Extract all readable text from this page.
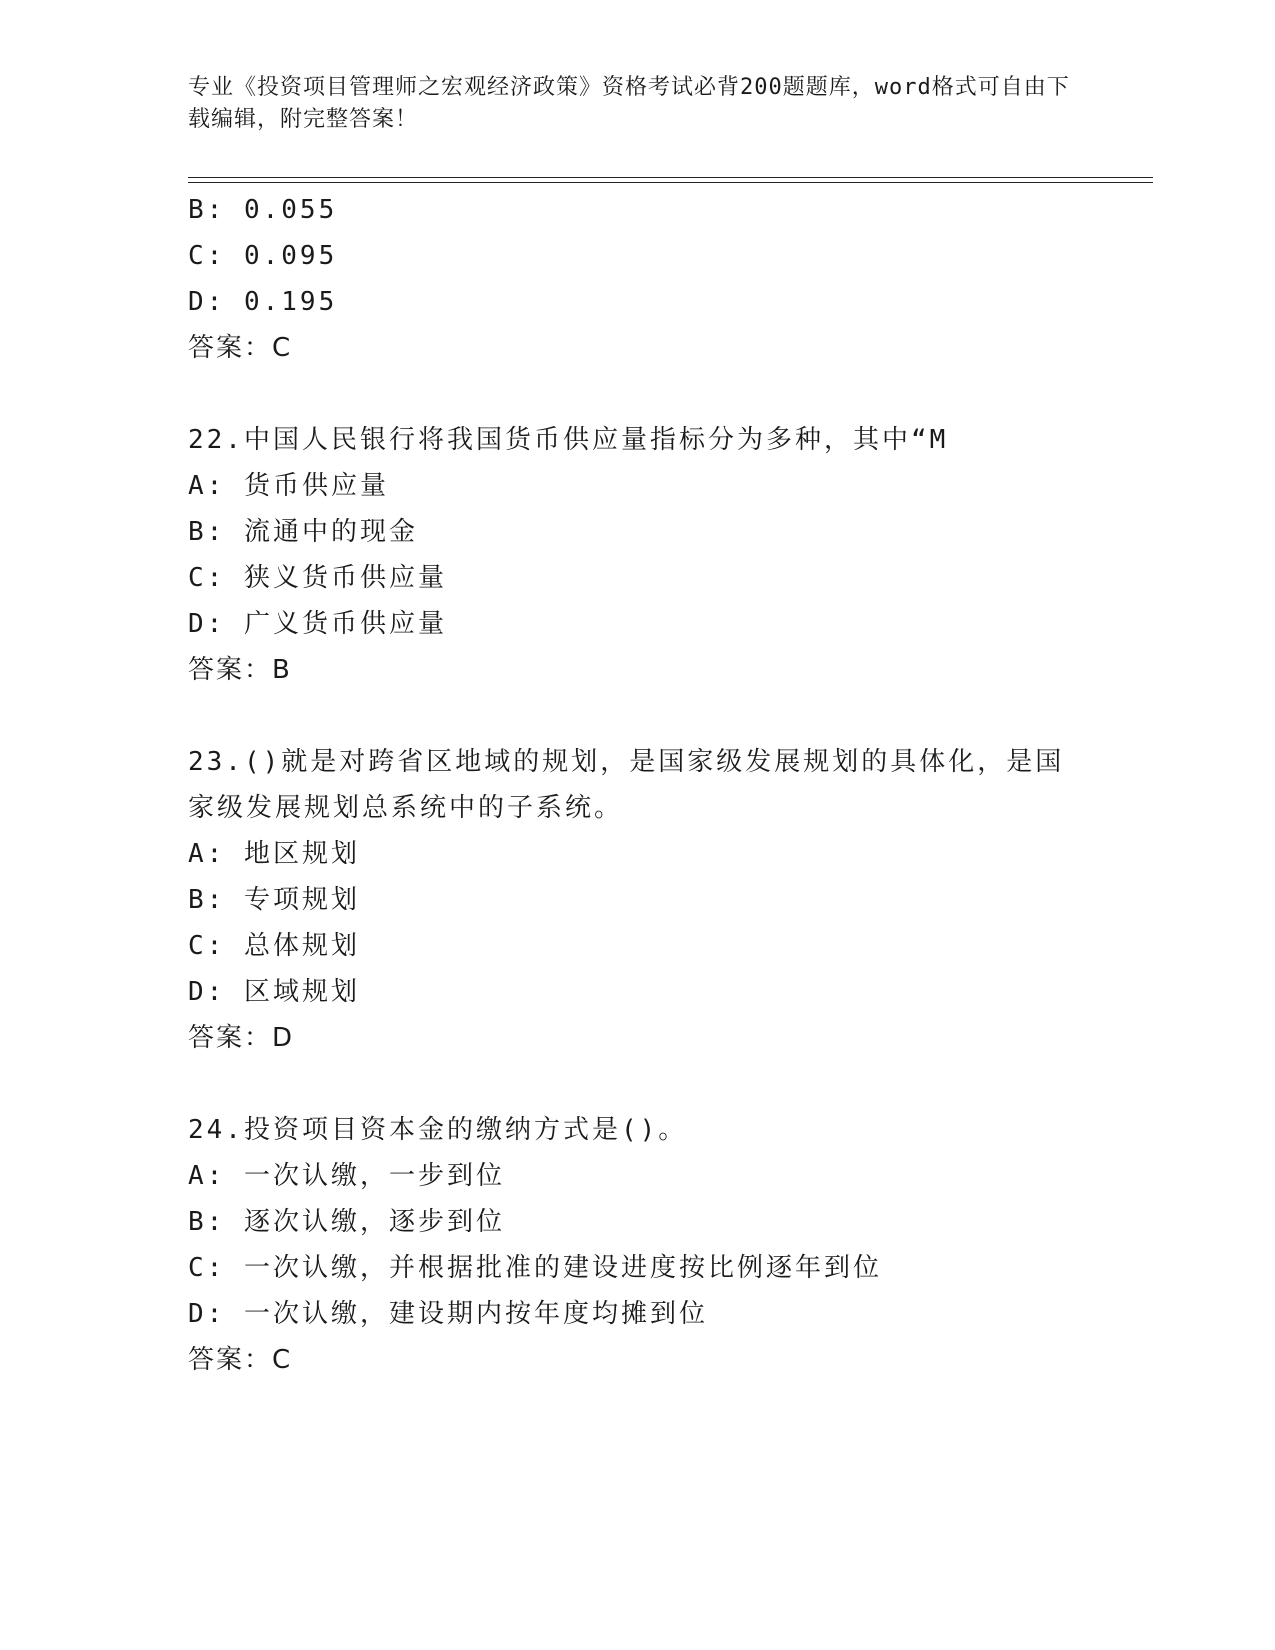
专业《投资项目管理师之宏观经济政策》资格考试必背200题题库，word格式可自由下载编辑，附完整答案！
B: 0.055
C: 0.095
D: 0.195
答案：C
22.中国人民银行将我国货币供应量指标分为多种，其中“M
A: 货币供应量
B: 流通中的现金
C: 狭义货币供应量
D: 广义货币供应量
答案：B
23.()就是对跨省区地域的规划，是国家级发展规划的具体化，是国家级发展规划总系统中的子系统。
A: 地区规划
B: 专项规划
C: 总体规划
D: 区域规划
答案：D
24.投资项目资本金的缴纳方式是()。
A: 一次认缴，一步到位
B: 逐次认缴，逐步到位
C: 一次认缴，并根据批准的建设进度按比例逐年到位
D: 一次认缴，建设期内按年度均摊到位
答案：C
